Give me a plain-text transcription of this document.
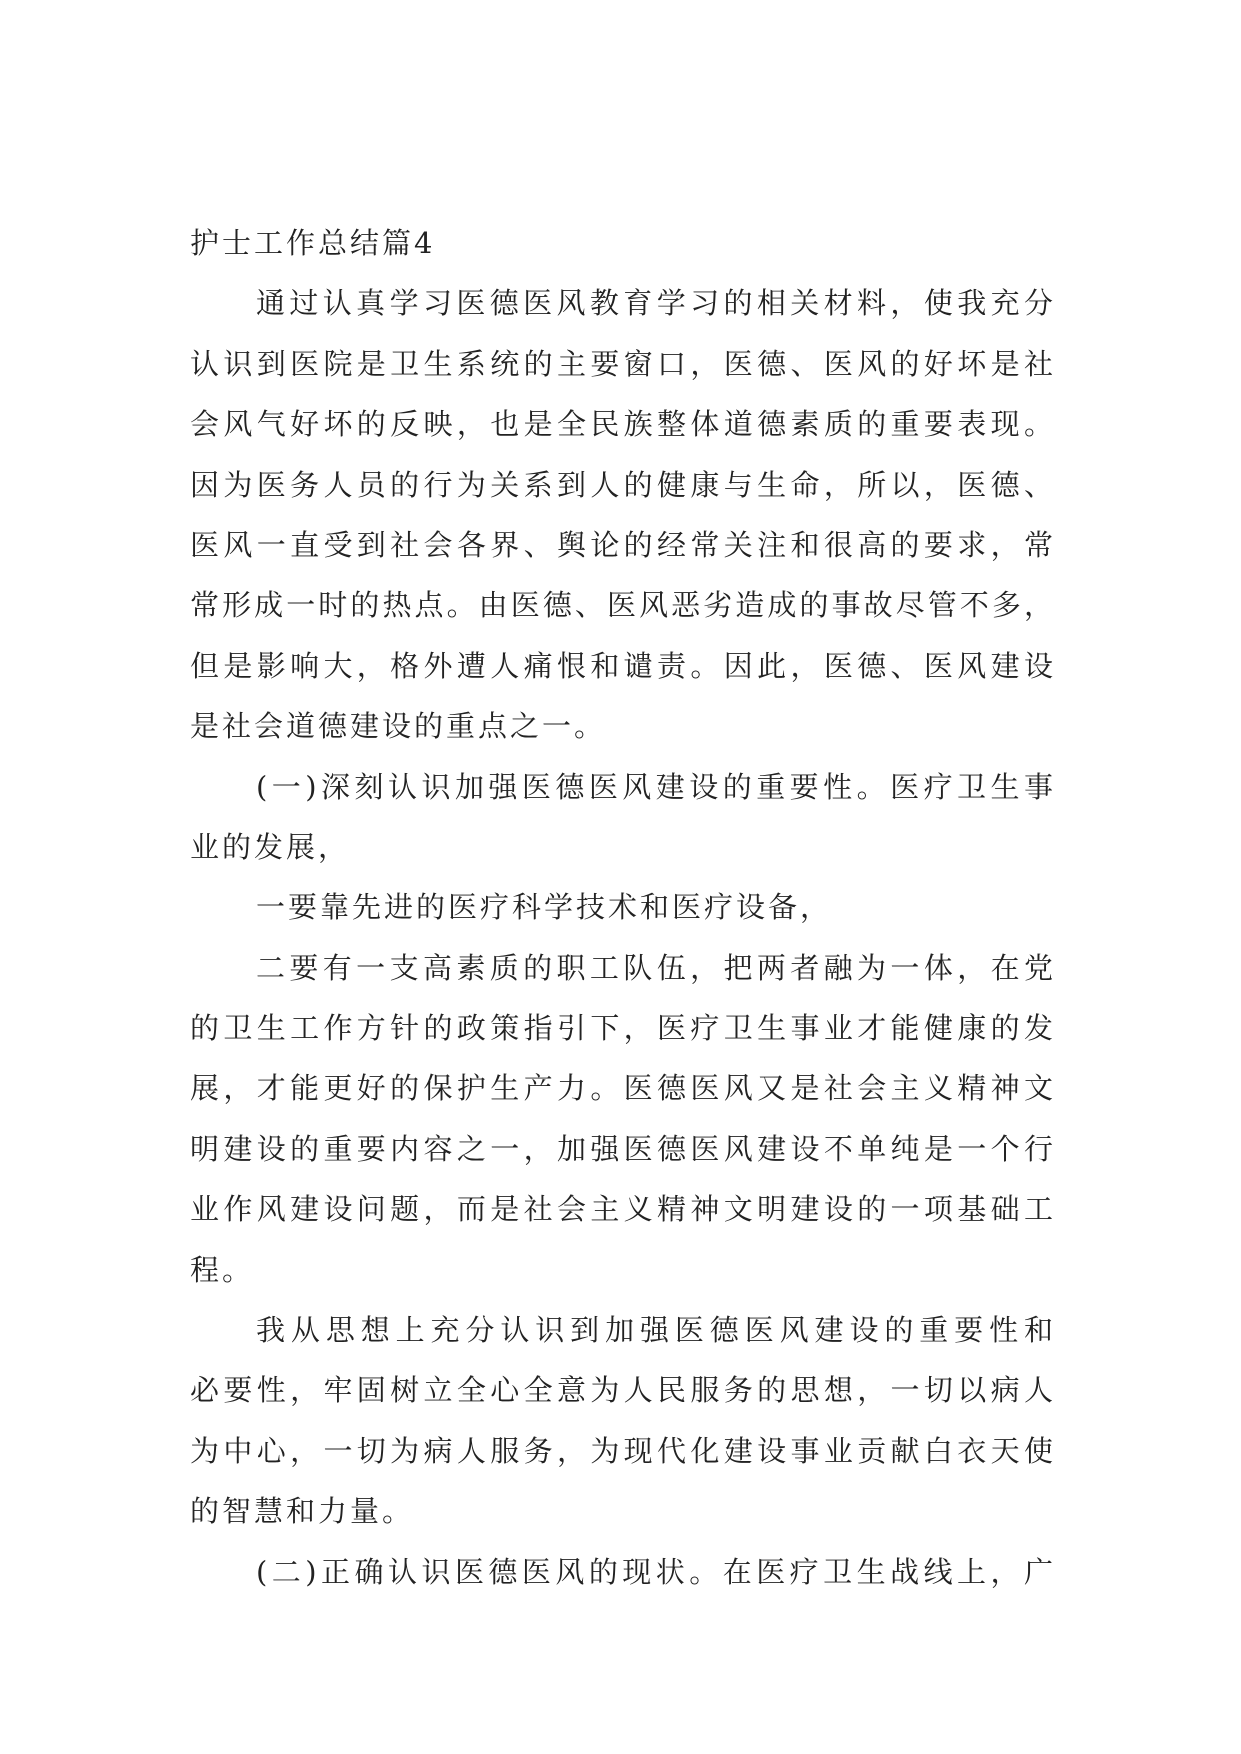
护士工作总结篇4
通过认真学习医德医风教育学习的相关材料，使我充分
认识到医院是卫生系统的主要窗口，医德、医风的好坏是社
会风气好坏的反映，也是全民族整体道德素质的重要表现。
因为医务人员的行为关系到人的健康与生命，所以，医德、
医风一直受到社会各界、舆论的经常关注和很高的要求，常
常形成一时的热点。由医德、医风恶劣造成的事故尽管不多，
但是影响大，格外遭人痛恨和谴责。因此，医德、医风建设
是社会道德建设的重点之一。
(一)深刻认识加强医德医风建设的重要性。医疗卫生事
业的发展，
一要靠先进的医疗科学技术和医疗设备，
二要有一支高素质的职工队伍，把两者融为一体，在党
的卫生工作方针的政策指引下，医疗卫生事业才能健康的发
展，才能更好的保护生产力。医德医风又是社会主义精神文
明建设的重要内容之一，加强医德医风建设不单纯是一个行
业作风建设问题，而是社会主义精神文明建设的一项基础工
程。
我从思想上充分认识到加强医德医风建设的重要性和
必要性，牢固树立全心全意为人民服务的思想，一切以病人
为中心，一切为病人服务，为现代化建设事业贡献白衣天使
的智慧和力量。
(二)正确认识医德医风的现状。在医疗卫生战线上，广
